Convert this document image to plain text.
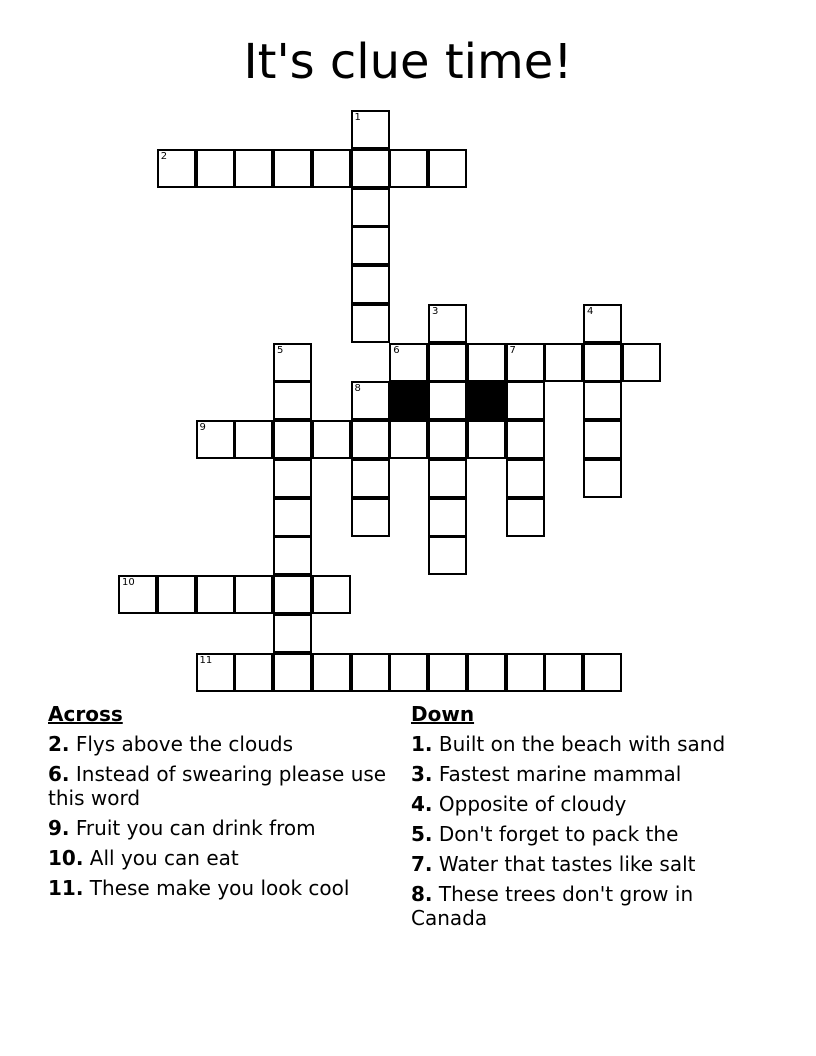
It's clue time!
1
2
3	4
5	6	7
8
9
10
11
Across
2. Flys above the clouds
6. Instead of swearing please use this word
9. Fruit you can drink from
10. All you can eat
11. These make you look cool
Down
1. Built on the beach with sand
3. Fastest marine mammal
4. Opposite of cloudy
5. Don't forget to pack the
7. Water that tastes like salt
8. These trees don't grow in Canada
